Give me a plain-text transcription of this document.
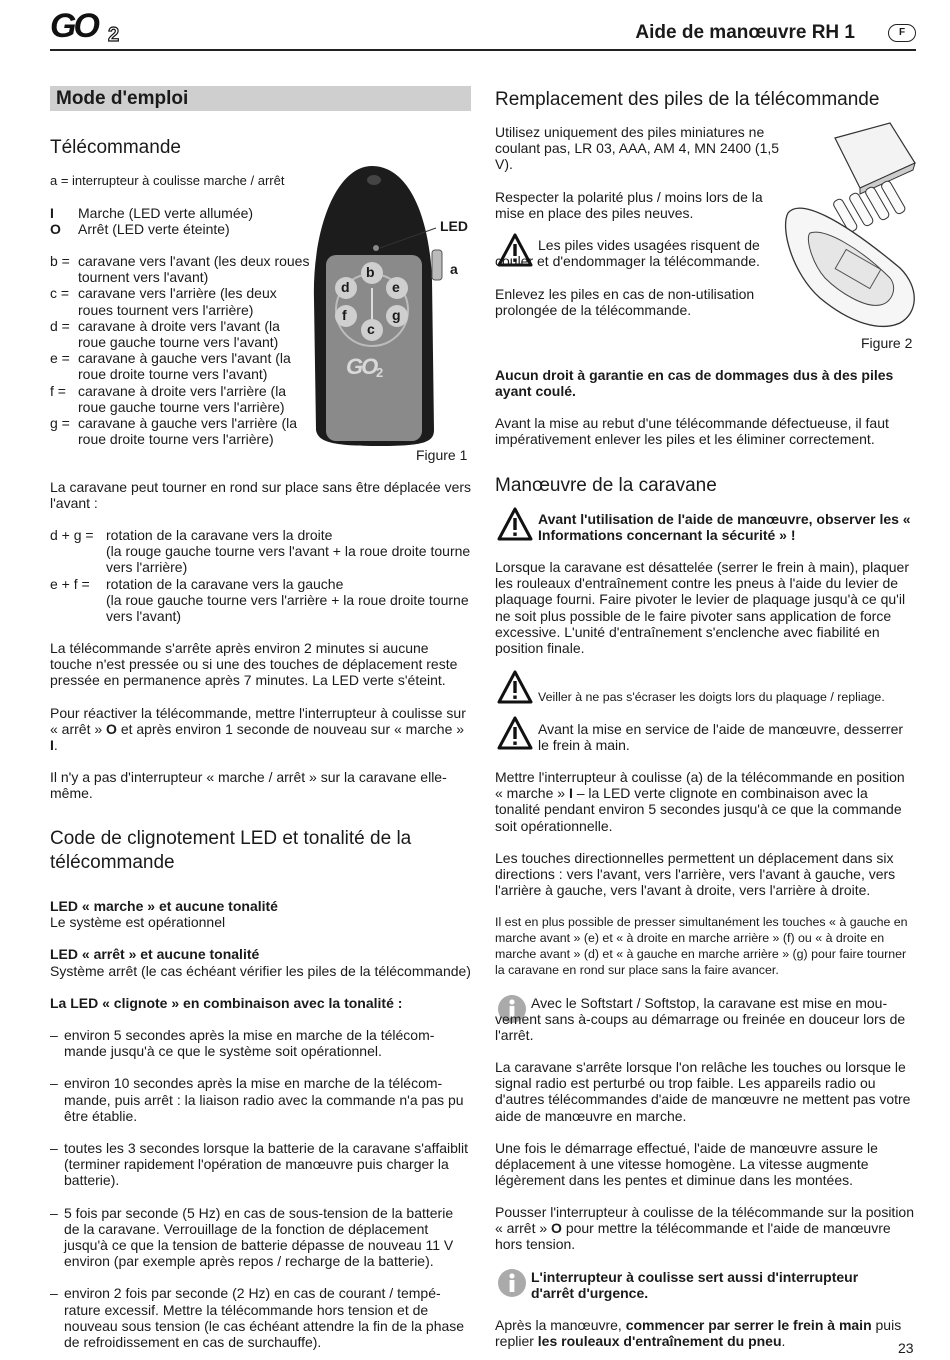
GO 2	Aide de manœuvre RH 1	F
Mode d'emploi
Télécommande
a = interrupteur à coulisse marche / arrêt
I	Marche (LED verte allumée)
O	Arrêt (LED verte éteinte)
b = caravane vers l'avant (les deux roues tournent vers l'avant)
c = caravane vers l'arrière (les deux roues tournent vers l'arrière)
d = caravane à droite vers l'avant (la roue gauche tourne vers l'avant)
e = caravane à gauche vers l'avant (la roue droite tourne vers l'avant)
f = caravane à droite vers l'arrière (la roue gauche tourne vers l'arrière)
g = caravane à gauche vers l'arrière (la roue droite tourne vers l'arrière)
GO 2
b
d	e
f	g
c
LED
a
Figure 1
La caravane peut tourner en rond sur place sans être déplacée vers l'avant :
d + g = rotation de la caravane vers la droite
(la rouge gauche tourne vers l'avant + la roue droite tourne vers l'arrière)
e + f =	rotation de la caravane vers la gauche
(la roue gauche tourne vers l'arrière + la roue droite tourne vers l'avant)
La télécommande s'arrête après environ 2 minutes si aucune touche n'est pressée ou si une des touches de déplacement reste pressée en permanence après 7 minutes. La LED verte s'éteint.
Pour réactiver la télécommande, mettre l'interrupteur à coulisse sur « arrêt » O et après environ 1 seconde de nouveau sur « marche » I.
Il n'y a pas d'interrupteur « marche / arrêt » sur la caravane elle-même.
Code de clignotement LED et tonalité de la télécommande
LED « marche » et aucune tonalité
Le système est opérationnel
LED « arrêt » et aucune tonalité
Système arrêt (le cas échéant vérifier les piles de la télécommande)
La LED « clignote » en combinaison avec la tonalité :
– environ 5 secondes après la mise en marche de la télécommande jusqu'à ce que le système soit opérationnel.
– environ 10 secondes après la mise en marche de la télécommande, puis arrêt : la liaison radio avec la commande n'a pas pu être établie.
– toutes les 3 secondes lorsque la batterie de la caravane s'affaiblit (terminer rapidement l'opération de manœuvre puis charger la batterie).
– 5 fois par seconde (5 Hz) en cas de sous-tension de la batterie de la caravane. Verrouillage de la fonction de déplacement jusqu'à ce que la tension de batterie dépasse de nouveau 11 V environ (par exemple après repos / recharge de la batterie).
– environ 2 fois par seconde (2 Hz) en cas de courant / température excessif. Mettre la télécommande hors tension et de nouveau sous tension (le cas échéant attendre la fin de la phase de refroidissement en cas de surchauffe).
Remplacement des piles de la télécommande
Utilisez uniquement des piles miniatures ne coulant pas, LR 03, AAA, AM 4, MN 2400 (1,5 V).
Respecter la polarité plus / moins lors de la mise en place des piles neuves.
Les piles vides usagées risquent de couler et d'endommager la télécommande.
Enlevez les piles en cas de non-utilisation prolongée de la télécommande.
Figure 2
Aucun droit à garantie en cas de dommages dus à des piles ayant coulé.
Avant la mise au rebut d'une télécommande défectueuse, il faut impérativement enlever les piles et les éliminer correctement.
Manœuvre de la caravane
Avant l'utilisation de l'aide de manœuvre, observer les « Informations concernant la sécurité » !
Lorsque la caravane est désattelée (serrer le frein à main), plaquer les rouleaux d'entraînement contre les pneus à l'aide du levier de plaquage fourni. Faire pivoter le levier de plaquage jusqu'à ce qu'il ne soit plus possible de le faire pivoter sans application de force excessive. L'unité d'entraînement s'enclenche avec fiabilité en position finale.
Veiller à ne pas s'écraser les doigts lors du plaquage / repliage.
Avant la mise en service de l'aide de manœuvre, desserrer le frein à main.
Mettre l'interrupteur à coulisse (a) de la télécommande en position « marche » I – la LED verte clignote en combinaison avec la tonalité pendant environ 5 secondes jusqu'à ce que la commande soit opérationnelle.
Les touches directionnelles permettent un déplacement dans six directions : vers l'avant, vers l'arrière, vers l'avant à gauche, vers l'arrière à gauche, vers l'avant à droite, vers l'arrière à droite.
Il est en plus possible de presser simultanément les touches « à gauche en marche avant » (e) et « à droite en marche arrière » (f) ou « à droite en marche avant » (d) et « à gauche en marche arrière » (g) pour faire tourner la caravane en rond sur place sans la faire avancer.
Avec le Softstart / Softstop, la caravane est mise en mouvement sans à-coups au démarrage ou freinée en douceur lors de l'arrêt.
La caravane s'arrête lorsque l'on relâche les touches ou lorsque le signal radio est perturbé ou trop faible. Les appareils radio ou d'autres télécommandes d'aide de manœuvre ne mettent pas votre aide de manœuvre en marche.
Une fois le démarrage effectué, l'aide de manœuvre assure le déplacement à une vitesse homogène. La vitesse augmente légèrement dans les pentes et diminue dans les montées.
Pousser l'interrupteur à coulisse de la télécommande sur la position « arrêt » O pour mettre la télécommande et l'aide de manœuvre hors tension.
L'interrupteur à coulisse sert aussi d'interrupteur d'arrêt d'urgence.
Après la manœuvre, commencer par serrer le frein à main puis replier les rouleaux d'entraînement du pneu.	23
